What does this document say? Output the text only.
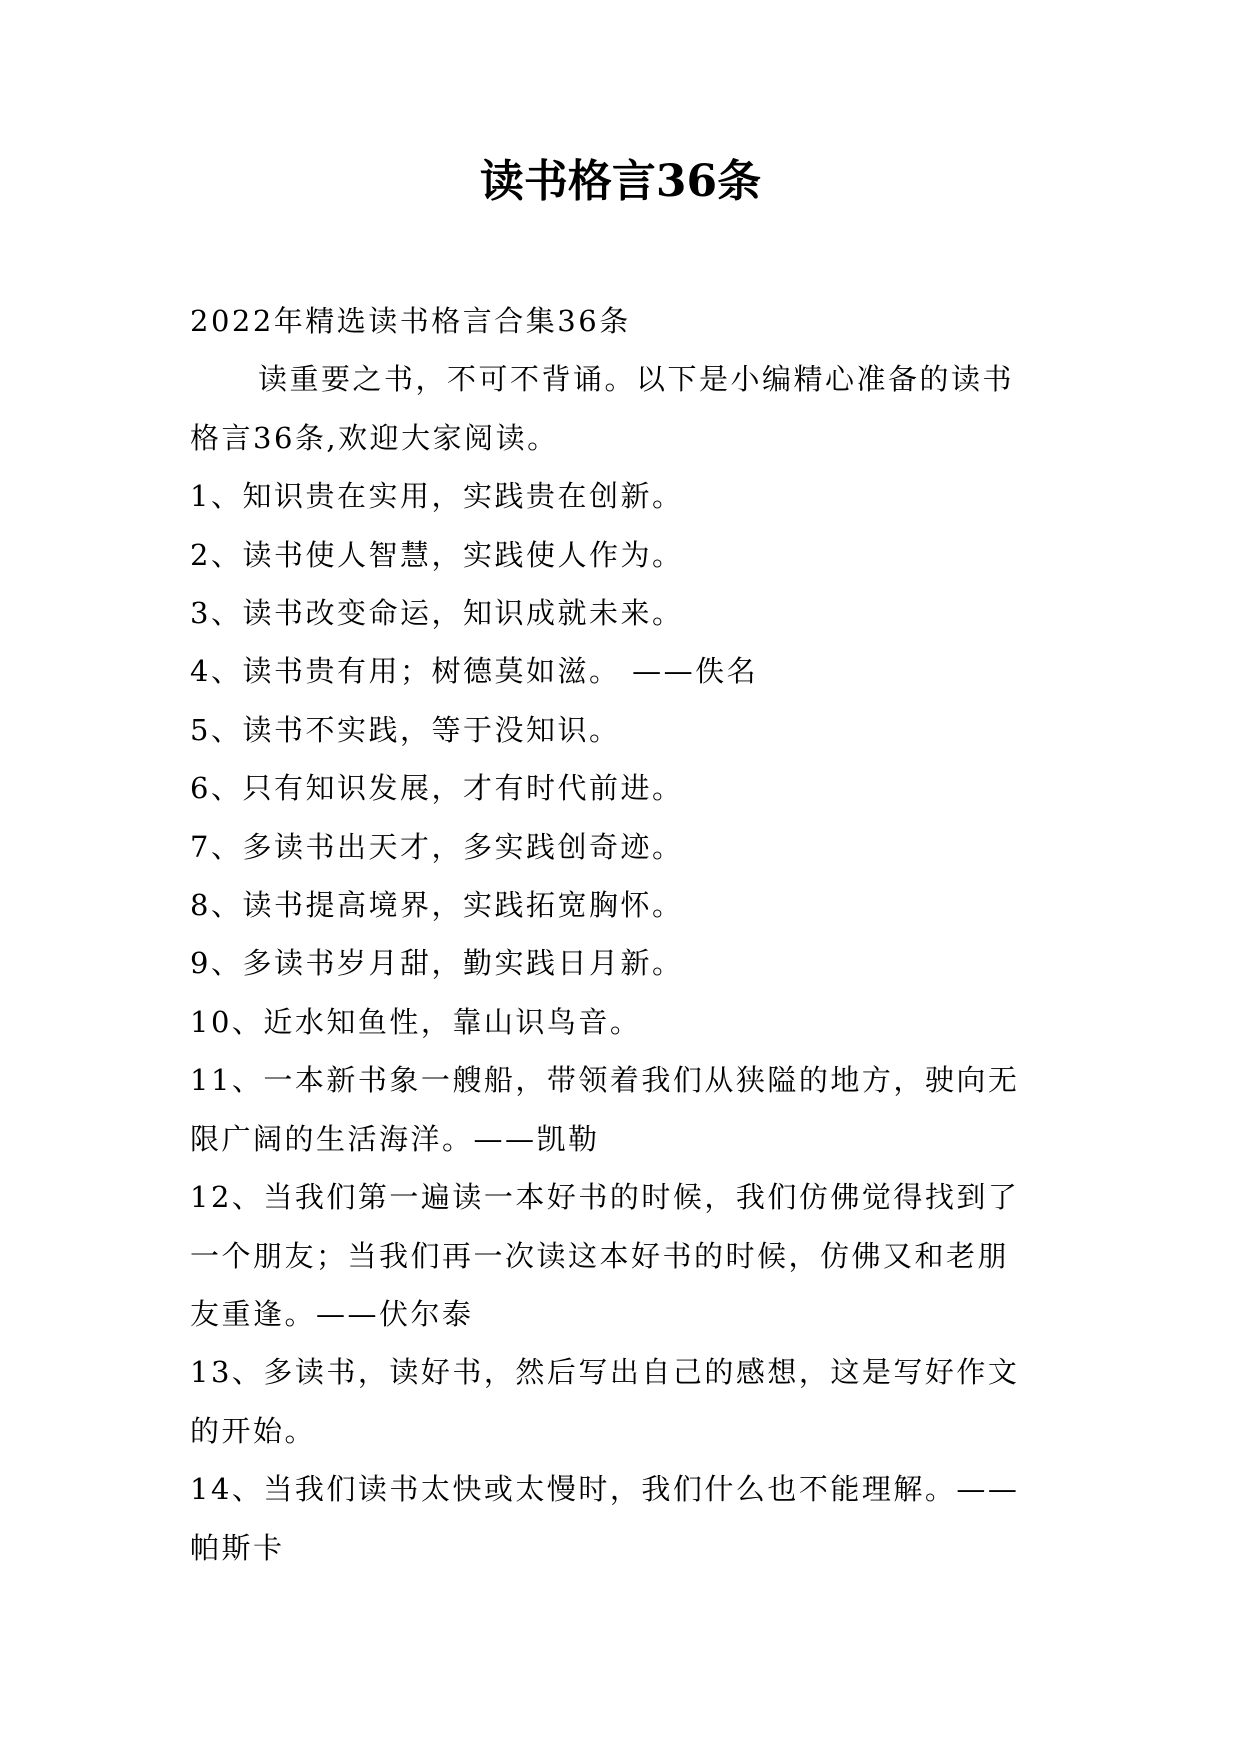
读书格言36条
2022年精选读书格言合集36条
读重要之书，不可不背诵。以下是小编精心准备的读书
格言36条,欢迎大家阅读。
1、知识贵在实用，实践贵在创新。
2、读书使人智慧，实践使人作为。
3、读书改变命运，知识成就未来。
4、读书贵有用；树德莫如滋。 ——佚名
5、读书不实践，等于没知识。
6、只有知识发展，才有时代前进。
7、多读书出天才，多实践创奇迹。
8、读书提高境界，实践拓宽胸怀。
9、多读书岁月甜，勤实践日月新。
10、近水知鱼性，靠山识鸟音。
11、一本新书象一艘船，带领着我们从狭隘的地方，驶向无
限广阔的生活海洋。——凯勒
12、当我们第一遍读一本好书的时候，我们仿佛觉得找到了
一个朋友；当我们再一次读这本好书的时候，仿佛又和老朋
友重逢。——伏尔泰
13、多读书，读好书，然后写出自己的感想，这是写好作文
的开始。
14、当我们读书太快或太慢时，我们什么也不能理解。——
帕斯卡
